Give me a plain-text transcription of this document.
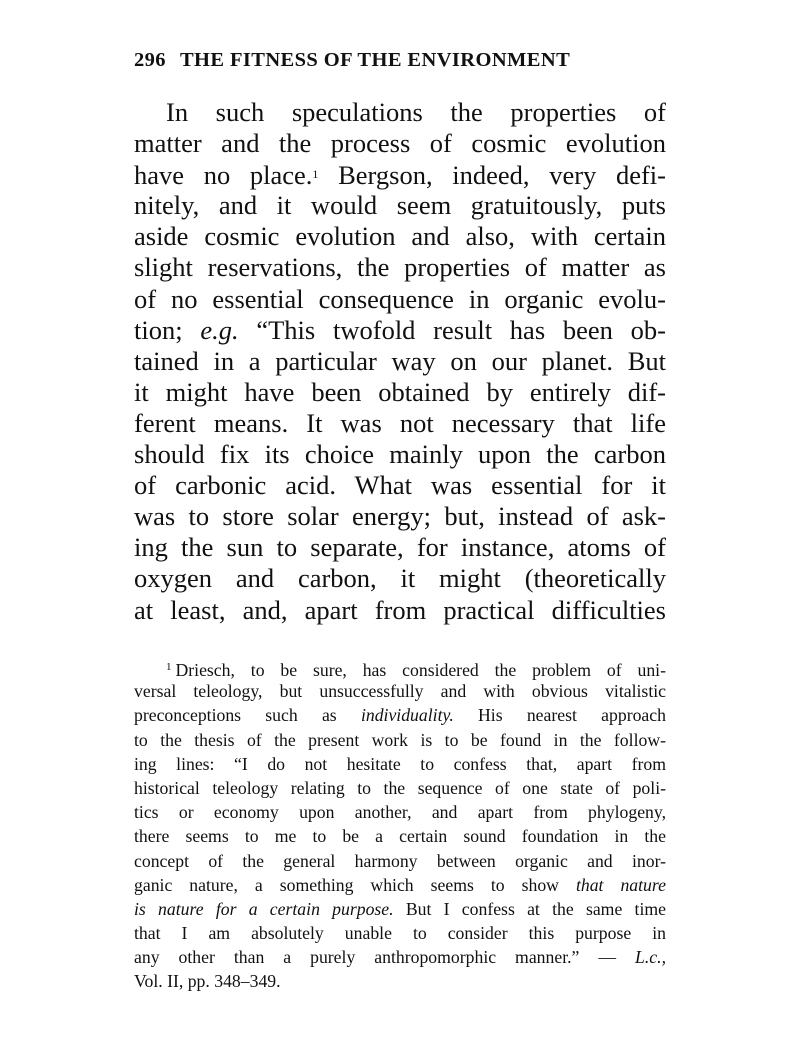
296 THE FITNESS OF THE ENVIRONMENT
In such speculations the properties of
matter and the process of cosmic evolution
have no place.$^1$ Bergson, indeed, very defi-
nitely, and it would seem gratuitously, puts
aside cosmic evolution and also, with certain
slight reservations, the properties of matter as
of no essential consequence in organic evolu-
tion; e.g. “This twofold result has been ob-
tained in a particular way on our planet. But
it might have been obtained by entirely dif-
ferent means. It was not necessary that life
should fix its choice mainly upon the carbon
of carbonic acid. What was essential for it
was to store solar energy; but, instead of ask-
ing the sun to separate, for instance, atoms of
oxygen and carbon, it might (theoretically
at least, and, apart from practical difficulties
$^1$ Driesch, to be sure, has considered the problem of uni-
versal teleology, but unsuccessfully and with obvious vitalistic
preconceptions such as individuality. His nearest approach
to the thesis of the present work is to be found in the follow-
ing lines: “I do not hesitate to confess that, apart from
historical teleology relating to the sequence of one state of poli-
tics or economy upon another, and apart from phylogeny,
there seems to me to be a certain sound foundation in the
concept of the general harmony between organic and inor-
ganic nature, a something which seems to show that nature
is nature for a certain purpose. But I confess at the same time
that I am absolutely unable to consider this purpose in
any other than a purely anthropomorphic manner.” — L.c.,
Vol. II, pp. 348–349.
